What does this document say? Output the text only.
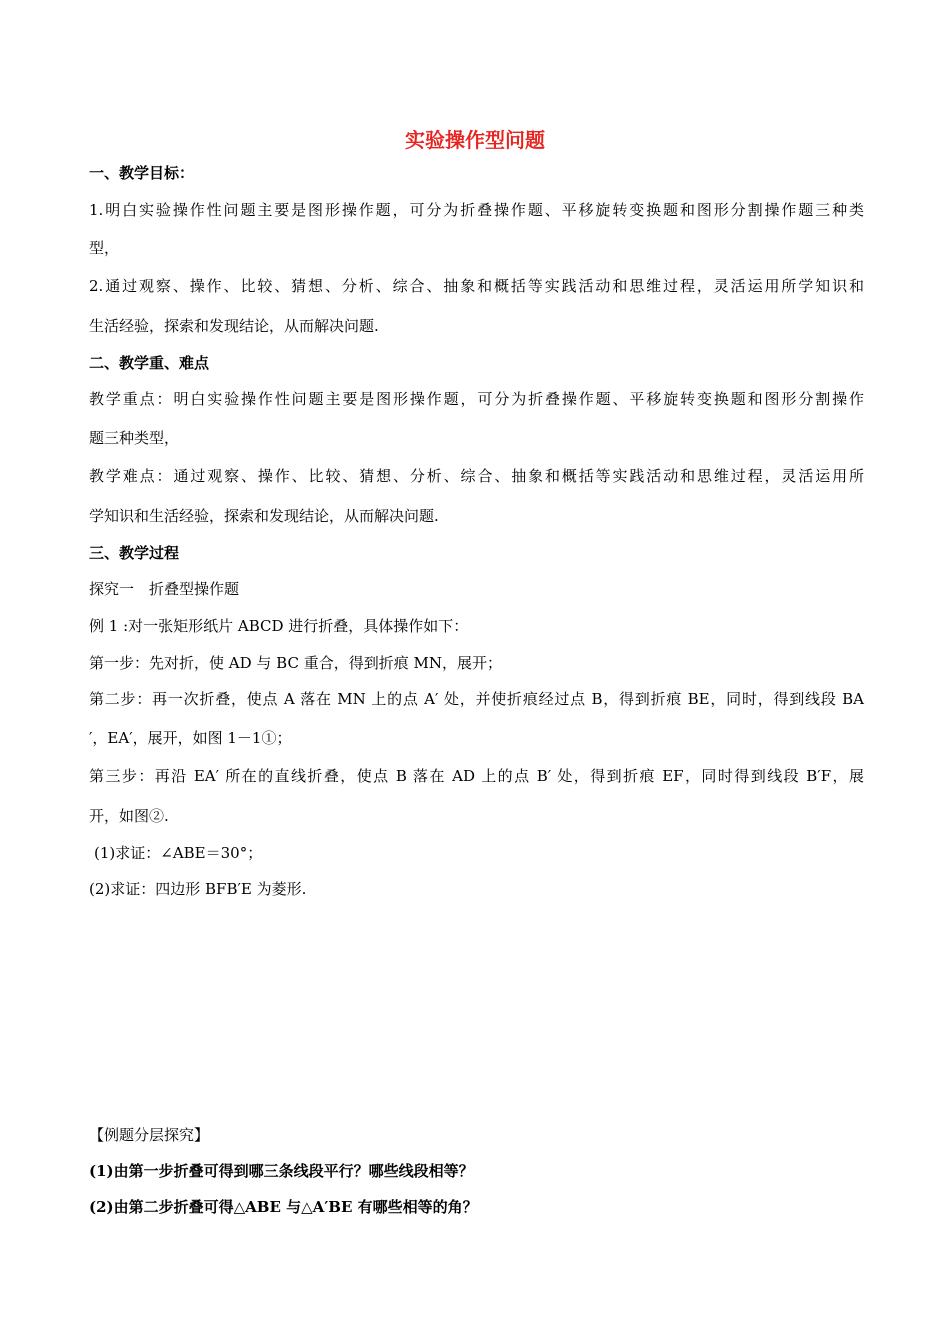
实验操作型问题
一、教学目标：
1.明白实验操作性问题主要是图形操作题，可分为折叠操作题、平移旋转变换题和图形分割操作题三种类
型，
2.通过观察、操作、比较、猜想、分析、综合、抽象和概括等实践活动和思维过程，灵活运用所学知识和
生活经验，探索和发现结论，从而解决问题.
二、教学重、难点
教学重点：明白实验操作性问题主要是图形操作题，可分为折叠操作题、平移旋转变换题和图形分割操作
题三种类型，
教学难点：通过观察、操作、比较、猜想、分析、综合、抽象和概括等实践活动和思维过程，灵活运用所
学知识和生活经验，探索和发现结论，从而解决问题.
三、教学过程
探究一　折叠型操作题
例 1 :对一张矩形纸片 ABCD 进行折叠，具体操作如下：
第一步：先对折，使 AD 与 BC 重合，得到折痕 MN，展开；
第二步：再一次折叠，使点 A 落在 MN 上的点 A′ 处，并使折痕经过点 B，得到折痕 BE，同时，得到线段 BA
′，EA′，展开，如图 1－1①；
第三步：再沿 EA′ 所在的直线折叠，使点 B 落在 AD 上的点 B′ 处，得到折痕 EF，同时得到线段 B′F，展
开，如图②.
(1)求证：∠ABE＝30°；
(2)求证：四边形 BFB′E 为菱形.
【例题分层探究】
(1)由第一步折叠可得到哪三条线段平行？哪些线段相等？
(2)由第二步折叠可得△ABE 与△A′BE 有哪些相等的角？
